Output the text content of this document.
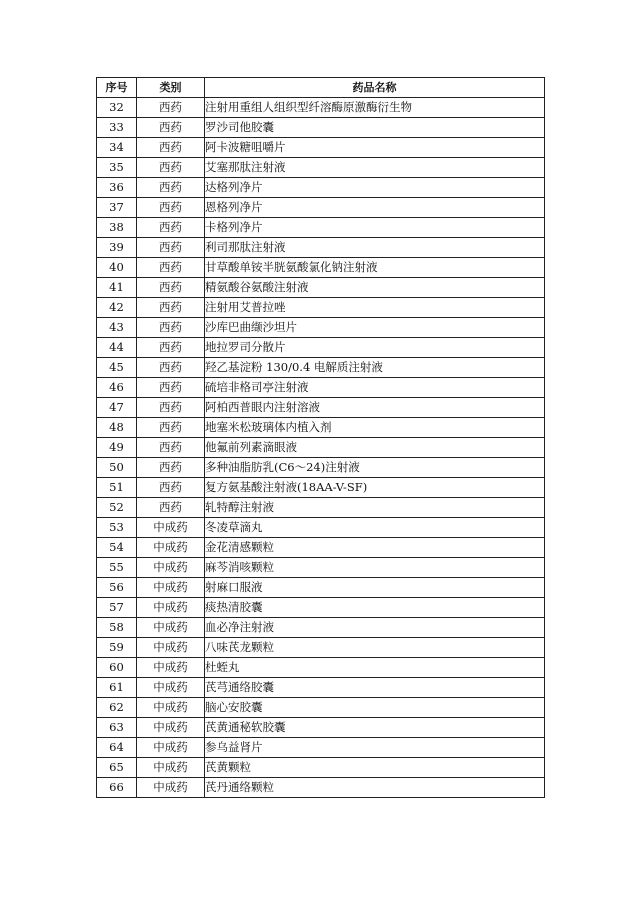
序号	类别	药品名称
32	西药	注射用重组人组织型纤溶酶原激酶衍生物
33	西药	罗沙司他胶囊
34	西药	阿卡波糖咀嚼片
35	西药	艾塞那肽注射液
36	西药	达格列净片
37	西药	恩格列净片
38	西药	卡格列净片
39	西药	利司那肽注射液
40	西药	甘草酸单铵半胱氨酸氯化钠注射液
41	西药	精氨酸谷氨酸注射液
42	西药	注射用艾普拉唑
43	西药	沙库巴曲缬沙坦片
44	西药	地拉罗司分散片
45	西药	羟乙基淀粉 130/0.4 电解质注射液
46	西药	硫培非格司亭注射液
47	西药	阿柏西普眼内注射溶液
48	西药	地塞米松玻璃体内植入剂
49	西药	他氟前列素滴眼液
50	西药	多种油脂肪乳(C6～24)注射液
51	西药	复方氨基酸注射液(18AA-V-SF)
52	西药	轧特醇注射液
53	中成药	冬凌草滴丸
54	中成药	金花清感颗粒
55	中成药	麻芩消咳颗粒
56	中成药	射麻口服液
57	中成药	痰热清胶囊
58	中成药	血必净注射液
59	中成药	八味芪龙颗粒
60	中成药	杜蛭丸
61	中成药	芪芎通络胶囊
62	中成药	脑心安胶囊
63	中成药	芪黄通秘软胶囊
64	中成药	参乌益肾片
65	中成药	芪黄颗粒
66	中成药	芪丹通络颗粒
